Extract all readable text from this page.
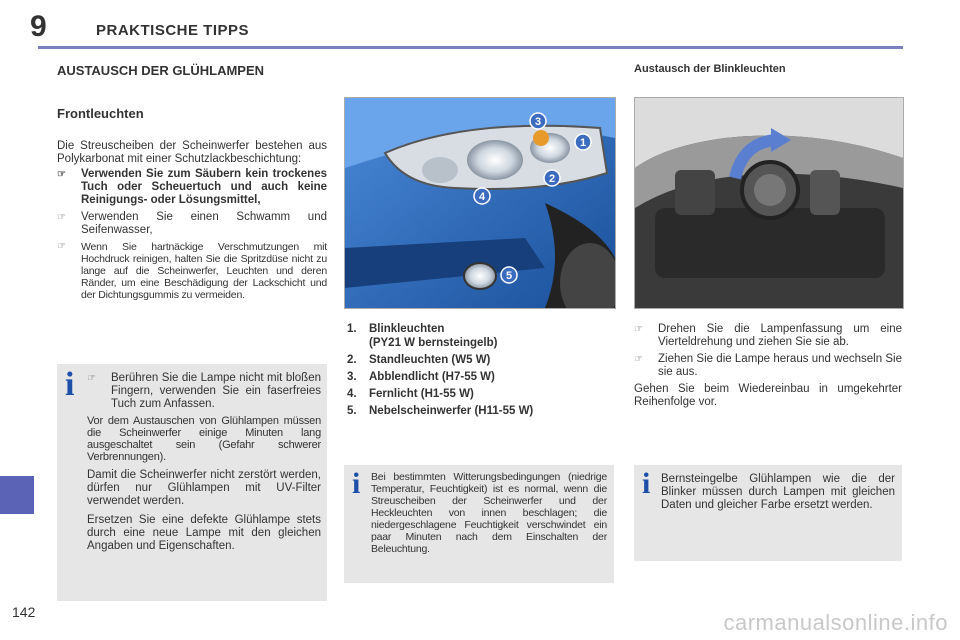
9	PRAKTISCHE TIPPS
142
AUSTAUSCH DER GLÜHLAMPEN
Frontleuchten
Die Streuscheiben der Scheinwerfer bestehen aus Polykarbonat mit einer Schutzlackbeschichtung:
☞ Verwenden Sie zum Säubern kein trockenes Tuch oder Scheuertuch und auch keine Reinigungs- oder Lösungsmittel,
☞ Verwenden Sie einen Schwamm und Seifenwasser,
☞ Wenn Sie hartnäckige Verschmutzungen mit Hochdruck reinigen, halten Sie die Spritzdüse nicht zu lange auf die Scheinwerfer, Leuchten und deren Ränder, um eine Beschädigung der Lackschicht und der Dichtungsgummis zu vermeiden.
i ☞ Berühren Sie die Lampe nicht mit bloßen Fingern, verwenden Sie ein faserfreies Tuch zum Anfassen.
Vor dem Austauschen von Glühlampen müssen die Scheinwerfer einige Minuten lang ausgeschaltet sein (Gefahr schwerer Verbrennungen).
Damit die Scheinwerfer nicht zerstört werden, dürfen nur Glühlampen mit UV-Filter verwendet werden.
Ersetzen Sie eine defekte Glühlampe stets durch eine neue Lampe mit den gleichen Angaben und Eigenschaften.
1
2
3
4
5
1. Blinkleuchten
(PY21 W bernsteingelb)
2. Standleuchten (W5 W)
3. Abblendlicht (H7-55 W)
4. Fernlicht (H1-55 W)
5. Nebelscheinwerfer (H11-55 W)
i Bei bestimmten Witterungsbedingungen (niedrige Temperatur, Feuchtigkeit) ist es normal, wenn die Streuscheiben der Scheinwerfer und der Heckleuchten von innen beschlagen; die niedergeschlagene Feuchtigkeit verschwindet ein paar Minuten nach dem Einschalten der Beleuchtung.
Austausch der Blinkleuchten
☞ Drehen Sie die Lampenfassung um eine Vierteldrehung und ziehen Sie sie ab.
☞ Ziehen Sie die Lampe heraus und wechseln Sie sie aus.
Gehen Sie beim Wiedereinbau in umgekehrter Reihenfolge vor.
i Bernsteingelbe Glühlampen wie die der Blinker müssen durch Lampen mit gleichen Daten und gleicher Farbe ersetzt werden.
carmanualsonline.info
